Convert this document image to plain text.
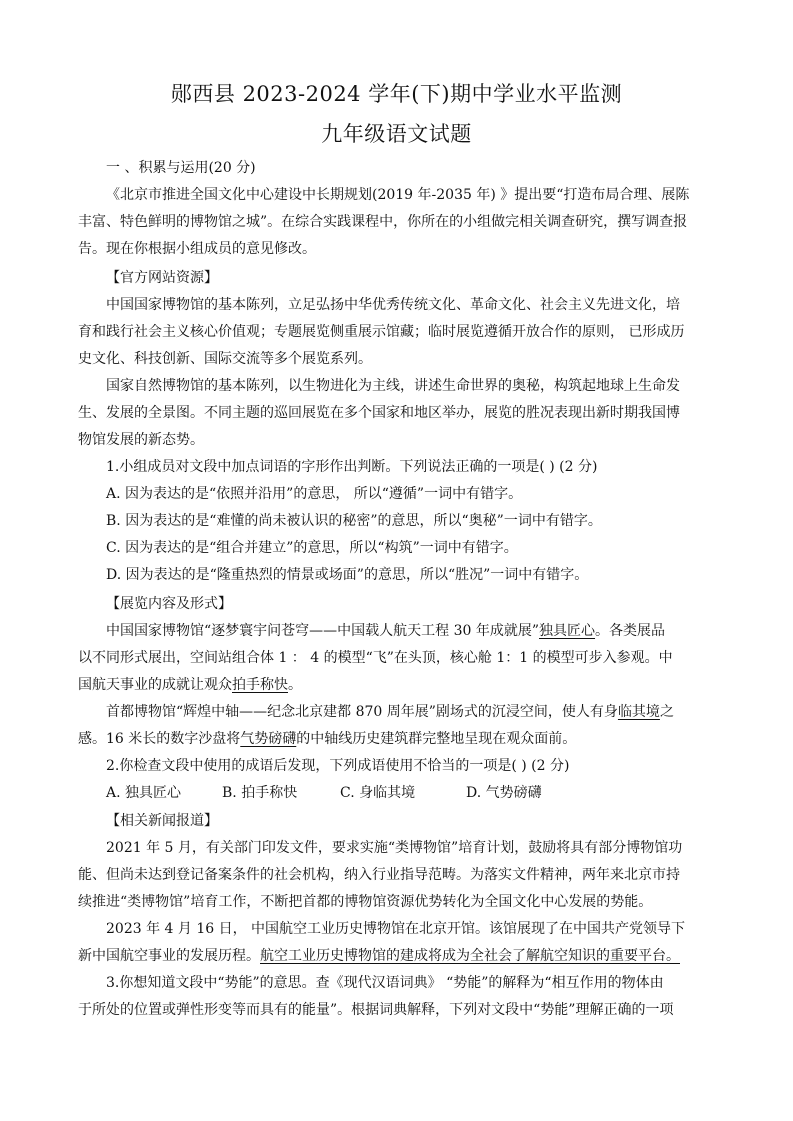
郧西县 2023-2024 学年(下)期中学业水平监测
九年级语文试题
一 、积累与运用(20 分)
《北京市推进全国文化中心建设中长期规划(2019 年-2035 年) 》提出要“打造布局合理、展陈
丰富、特色鲜明的博物馆之城”。在综合实践课程中，你所在的小组做完相关调查研究，撰写调查报
告。现在你根据小组成员的意见修改。
【官方网站资源】
中国国家博物馆的基本陈列，立足弘扬中华优秀传统文化、革命文化、社会主义先进文化，培
育和践行社会主义核心价值观；专题展览侧重展示馆藏；临时展览遵循开放合作的原则， 已形成历
史文化、科技创新、国际交流等多个展览系列。
国家自然博物馆的基本陈列，以生物进化为主线，讲述生命世界的奥秘，构筑起地球上生命发
生、发展的全景图。不同主题的巡回展览在多个国家和地区举办，展览的胜况表现出新时期我国博
物馆发展的新态势。
1.小组成员对文段中加点词语的字形作出判断。下列说法正确的一项是( ) (2 分)
A. 因为表达的是“依照并沿用”的意思， 所以“遵循”一词中有错字。
B. 因为表达的是“难懂的尚未被认识的秘密”的意思，所以“奥秘”一词中有错字。
C. 因为表达的是“组合并建立”的意思，所以“构筑”一词中有错字。
D. 因为表达的是“隆重热烈的情景或场面”的意思，所以“胜况”一词中有错字。
【展览内容及形式】
中国国家博物馆“逐梦寰宇问苍穹——中国载人航天工程 30 年成就展”独具匠心。各类展品
以不同形式展出，空间站组合体 1 ： 4 的模型“飞”在头顶，核心舱 1：1 的模型可步入参观。中
国航天事业的成就让观众拍手称快。
首都博物馆“辉煌中轴——纪念北京建都 870 周年展”剧场式的沉浸空间，使人有身临其境之
感。16 米长的数字沙盘将气势磅礴的中轴线历史建筑群完整地呈现在观众面前。
2.你检查文段中使用的成语后发现，下列成语使用不恰当的一项是( ) (2 分)
A. 独具匠心	B. 拍手称快	C. 身临其境	D. 气势磅礴
【相关新闻报道】
2021 年 5 月，有关部门印发文件，要求实施“类博物馆”培育计划，鼓励将具有部分博物馆功
能、但尚未达到登记备案条件的社会机构，纳入行业指导范畴。为落实文件精神，两年来北京市持
续推进“类博物馆”培育工作，不断把首都的博物馆资源优势转化为全国文化中心发展的势能。
2023 年 4 月 16 日， 中国航空工业历史博物馆在北京开馆。该馆展现了在中国共产党领导下
新中国航空事业的发展历程。航空工业历史博物馆的建成将成为全社会了解航空知识的重要平台。
3.你想知道文段中“势能”的意思。查《现代汉语词典》 “势能”的解释为“相互作用的物体由
于所处的位置或弹性形变等而具有的能量”。根据词典解释，下列对文段中“势能”理解正确的一项
